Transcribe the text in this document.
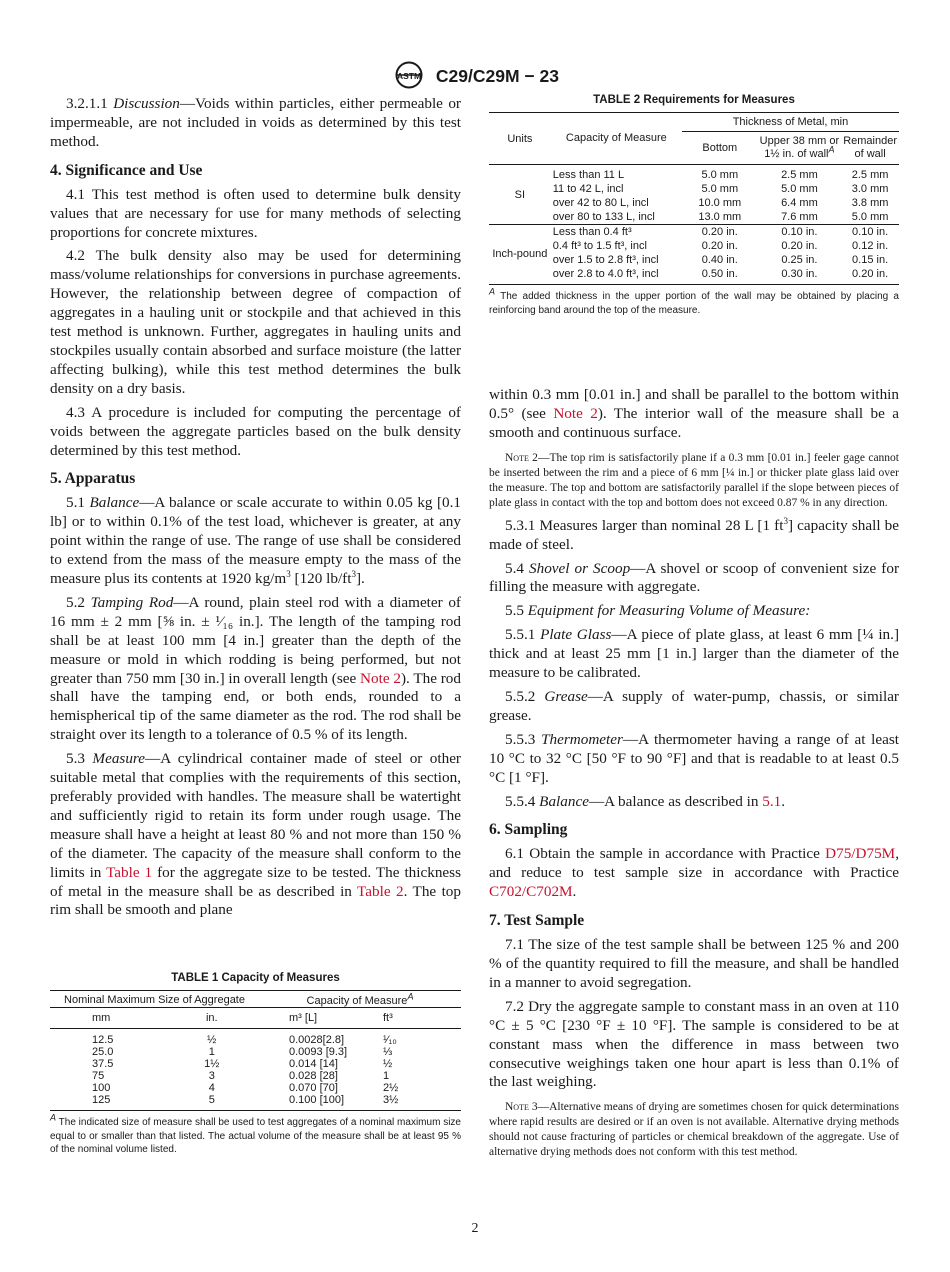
ASTM C29/C29M − 23

3.2.1.1 Discussion—Voids within particles, either permeable or impermeable, are not included in voids as determined by this test method.

4. Significance and Use

4.1 This test method is often used to determine bulk density values that are necessary for use for many methods of selecting proportions for concrete mixtures.

4.2 The bulk density also may be used for determining mass/volume relationships for conversions in purchase agreements. However, the relationship between degree of compaction of aggregates in a hauling unit or stockpile and that achieved in this test method is unknown. Further, aggregates in hauling units and stockpiles usually contain absorbed and surface moisture (the latter affecting bulking), while this test method determines the bulk density on a dry basis.

4.3 A procedure is included for computing the percentage of voids between the aggregate particles based on the bulk density determined by this test method.

5. Apparatus

5.1 Balance—A balance or scale accurate to within 0.05 kg [0.1 lb] or to within 0.1% of the test load, whichever is greater, at any point within the range of use. The range of use shall be considered to extend from the mass of the measure empty to the mass of the measure plus its contents at 1920 $kg/m^3$ [120 $lb/ft^3$].

5.2 Tamping Rod—A round, plain steel rod with a diameter of 16 mm ± 2 mm [⅝ in. ± ¹⁄₁₆ in.]. The length of the tamping rod shall be at least 100 mm [4 in.] greater than the depth of the measure or mold in which rodding is being performed, but not greater than 750 mm [30 in.] in overall length (see Note 2). The rod shall have the tamping end, or both ends, rounded to a hemispherical tip of the same diameter as the rod. The rod shall be straight over its length to a tolerance of 0.5 % of its length.

5.3 Measure—A cylindrical container made of steel or other suitable metal that complies with the requirements of this section, preferably provided with handles. The measure shall be watertight and sufficiently rigid to retain its form under rough usage. The measure shall have a height at least 80 % and not more than 150 % of the diameter. The capacity of the measure shall conform to the limits in Table 1 for the aggregate size to be tested. The thickness of metal in the measure shall be as described in Table 2. The top rim shall be smooth and plane

TABLE 1 Capacity of Measures
Nominal Maximum Size of Aggregate		Capacity of Measure$^A$
mm	in.	m³ [L]	ft³

12.5	½	0.0028[2.8]	¹⁄₁₀
25.0	1	0.0093 [9.3]	⅓
37.5	1½	0.014 [14]	½
75	3	0.028 [28]	1
100	4	0.070 [70]	2½
125	5	0.100 [100]	3½
$^A$ The indicated size of measure shall be used to test aggregates of a nominal maximum size equal to or smaller than that listed. The actual volume of the measure shall be at least 95 % of the nominal volume listed.
TABLE 2 Requirements for Measures
Units	Capacity of Measure	Thickness of Metal, min		
		Bottom	Upper 38 mm or 1½ in. of wall$^A$	Remainder of wall
SI	Less than 11 L	5.0 mm	2.5 mm	2.5 mm
	11 to 42 L, incl	5.0 mm	5.0 mm	3.0 mm
	over 42 to 80 L, incl	10.0 mm	6.4 mm	3.8 mm
	over 80 to 133 L, incl	13.0 mm	7.6 mm	5.0 mm
Inch-pound	Less than 0.4 ft³	0.20 in.	0.10 in.	0.10 in.
	0.4 ft³ to 1.5 ft³, incl	0.20 in.	0.20 in.	0.12 in.
	over 1.5 to 2.8 ft³, incl	0.40 in.	0.25 in.	0.15 in.
	over 2.8 to 4.0 ft³, incl	0.50 in.	0.30 in.	0.20 in.
$^A$ The added thickness in the upper portion of the wall may be obtained by placing a reinforcing band around the top of the measure.

within 0.3 mm [0.01 in.] and shall be parallel to the bottom within 0.5° (see Note 2). The interior wall of the measure shall be a smooth and continuous surface.

Note 2—The top rim is satisfactorily plane if a 0.3 mm [0.01 in.] feeler gage cannot be inserted between the rim and a piece of 6 mm [¼ in.] or thicker plate glass laid over the measure. The top and bottom are satisfactorily parallel if the slope between pieces of plate glass in contact with the top and bottom does not exceed 0.87 % in any direction.

5.3.1 Measures larger than nominal 28 L [1 $ft^3$] capacity shall be made of steel.

5.4 Shovel or Scoop—A shovel or scoop of convenient size for filling the measure with aggregate.

5.5 Equipment for Measuring Volume of Measure:

5.5.1 Plate Glass—A piece of plate glass, at least 6 mm [¼ in.] thick and at least 25 mm [1 in.] larger than the diameter of the measure to be calibrated.

5.5.2 Grease—A supply of water-pump, chassis, or similar grease.

5.5.3 Thermometer—A thermometer having a range of at least 10 °C to 32 °C [50 °F to 90 °F] and that is readable to at least 0.5 °C [1 °F].

5.5.4 Balance—A balance as described in 5.1.

6. Sampling

6.1 Obtain the sample in accordance with Practice D75/D75M, and reduce to test sample size in accordance with Practice C702/C702M.

7. Test Sample

7.1 The size of the test sample shall be between 125 % and 200 % of the quantity required to fill the measure, and shall be handled in a manner to avoid segregation.

7.2 Dry the aggregate sample to constant mass in an oven at 110 °C ± 5 °C [230 °F ± 10 °F]. The sample is considered to be at constant mass when the difference in mass between two consecutive weighings taken one hour apart is less than 0.1% of the last weighing.

Note 3—Alternative means of drying are sometimes chosen for quick determinations where rapid results are desired or if an oven is not available. Alternative drying methods should not cause fracturing of particles or chemical breakdown of the aggregate. Use of alternative drying methods does not conform with this test method.

2
